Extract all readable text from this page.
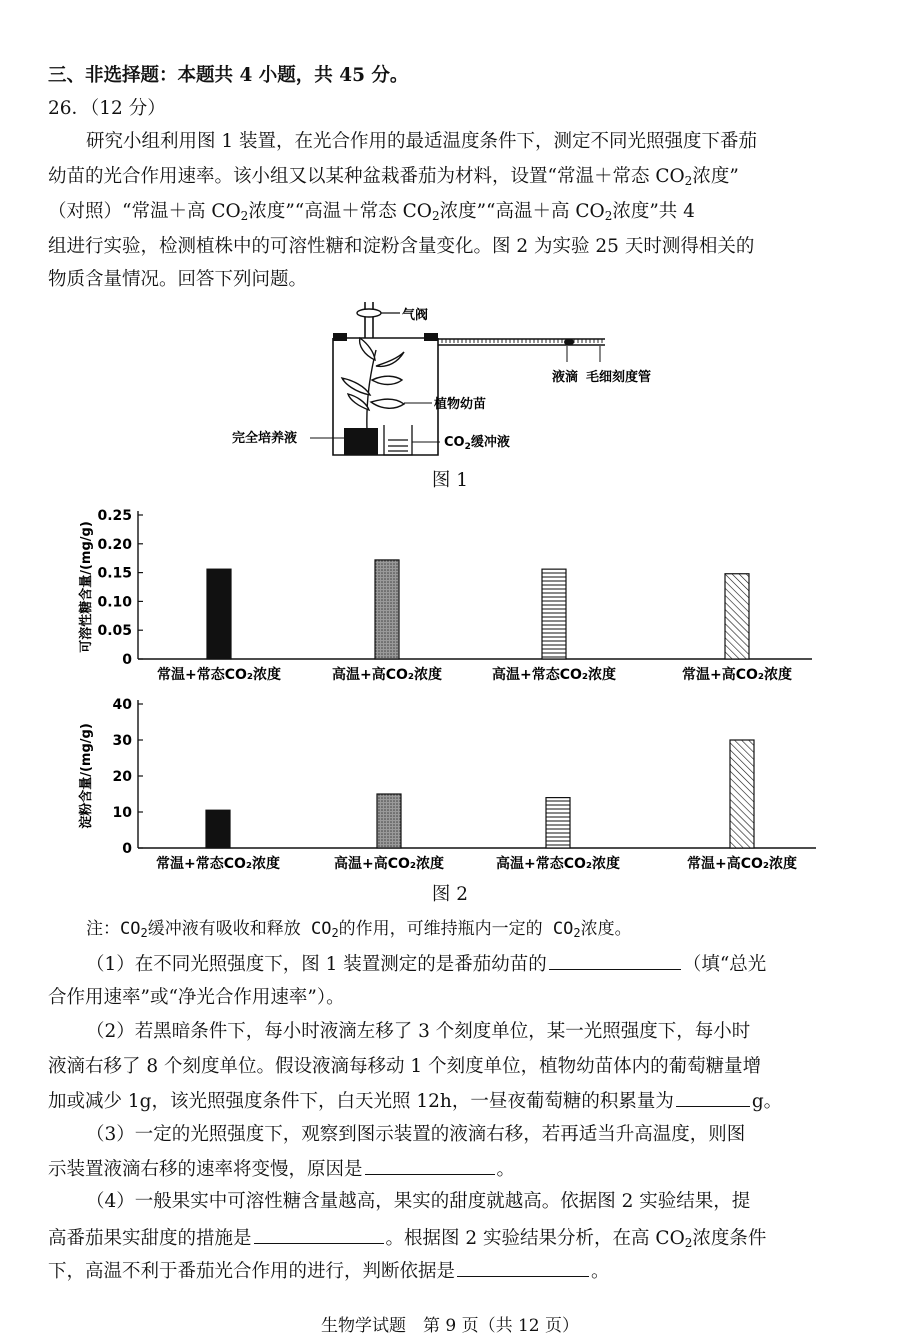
三、非选择题：本题共 4 小题，共 45 分。
26．（12 分）
研究小组利用图 1 装置，在光合作用的最适温度条件下，测定不同光照强度下番茄
幼苗的光合作用速率。该小组又以某种盆栽番茄为材料，设置“常温＋常态 $CO_2$浓度”
（对照）“常温＋高 $CO_2$浓度”“高温＋常态 $CO_2$浓度”“高温＋高 $CO_2$浓度”共 4
组进行实验，检测植株中的可溶性糖和淀粉含量变化。图 2 为实验 25 天时测得相关的
物质含量情况。回答下列问题。
气阀
液滴 毛细刻度管
植物幼苗
完全培养液	$CO_2$缓冲液
图 1
0.25
0.20
0.15
0.10
0.05
0
可溶性糖含量/(mg/g)
常温+常态CO₂浓度	高温+高CO₂浓度	高温+常态CO₂浓度	常温+高CO₂浓度
40
30
20
10
0
淀粉含量/(mg/g)
常温+常态CO₂浓度	高温+高CO₂浓度	高温+常态CO₂浓度	常温+高CO₂浓度
图 2
注：$CO_2$缓冲液有吸收和释放 $CO_2$的作用，可维持瓶内一定的 $CO_2$浓度。
（1）在不同光照强度下，图 1 装置测定的是番茄幼苗的	（填“总光
合作用速率”或“净光合作用速率”）。
（2）若黑暗条件下，每小时液滴左移了 3 个刻度单位，某一光照强度下，每小时
液滴右移了 8 个刻度单位。假设液滴每移动 1 个刻度单位，植物幼苗体内的葡萄糖量增
加或减少 1g，该光照强度条件下，白天光照 12h，一昼夜葡萄糖的积累量为	g。
（3）一定的光照强度下，观察到图示装置的液滴右移，若再适当升高温度，则图
示装置液滴右移的速率将变慢，原因是	。
（4）一般果实中可溶性糖含量越高，果实的甜度就越高。依据图 2 实验结果，提
高番茄果实甜度的措施是	。根据图 2 实验结果分析，在高 $CO_2$浓度条件
下，高温不利于番茄光合作用的进行，判断依据是	。
生物学试题　第 9 页（共 12 页）
